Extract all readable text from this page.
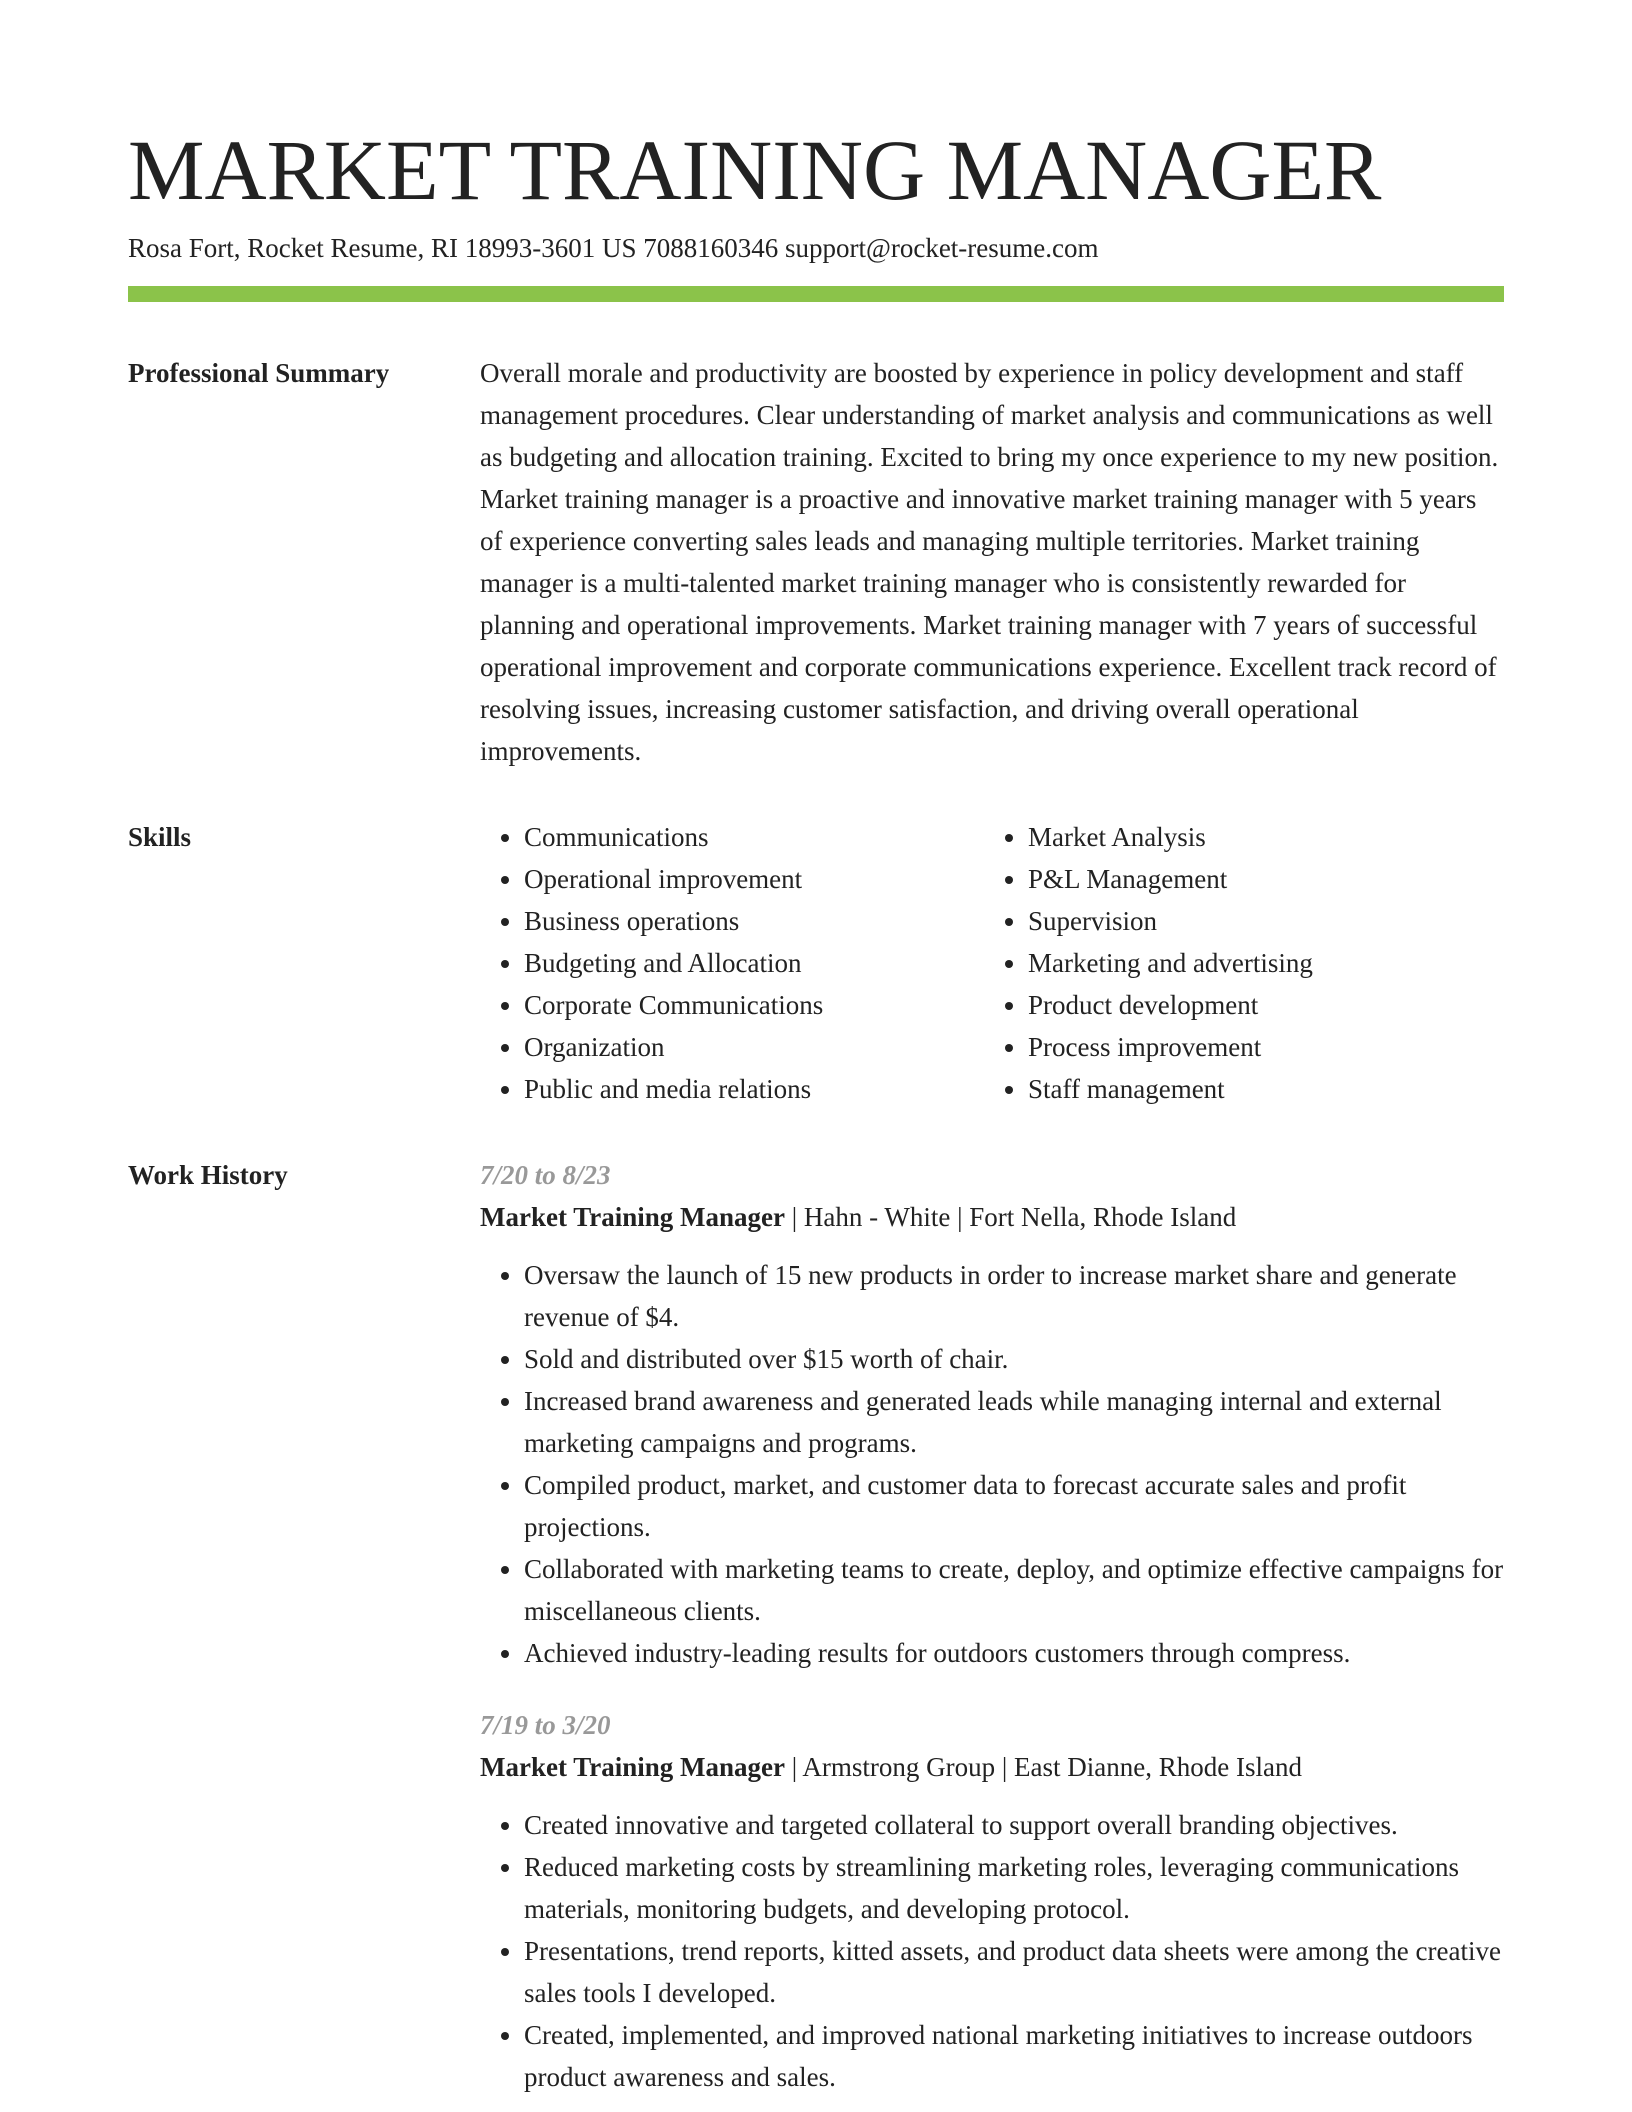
MARKET TRAINING MANAGER
Rosa Fort, Rocket Resume, RI 18993-3601 US 7088160346 support@rocket-resume.com
Professional Summary	Overall morale and productivity are boosted by experience in policy development and staff management procedures. Clear understanding of market analysis and communications as well as budgeting and allocation training. Excited to bring my once experience to my new position. Market training manager is a proactive and innovative market training manager with 5 years of experience converting sales leads and managing multiple territories. Market training manager is a multi-talented market training manager who is consistently rewarded for planning and operational improvements. Market training manager with 7 years of successful operational improvement and corporate communications experience. Excellent track record of resolving issues, increasing customer satisfaction, and driving overall operational improvements.

Skills
•	Communications
• Operational improvement
• Business operations
• Budgeting and Allocation
• Corporate Communications
• Organization
• Public and media relations
• Market Analysis
• P&L Management
• Supervision
• Marketing and advertising
• Product development
• Process improvement
• Staff management
Work History	7/20 to 8/23
Market Training Manager | Hahn - White | Fort Nella, Rhode Island
• Oversaw the launch of 15 new products in order to increase market share and generate revenue of $4.
• Sold and distributed over $15 worth of chair.
• Increased brand awareness and generated leads while managing internal and external marketing campaigns and programs.
• Compiled product, market, and customer data to forecast accurate sales and profit projections.
• Collaborated with marketing teams to create, deploy, and optimize effective campaigns for miscellaneous clients.
• Achieved industry-leading results for outdoors customers through compress.
7/19 to 3/20
Market Training Manager | Armstrong Group | East Dianne, Rhode Island
• Created innovative and targeted collateral to support overall branding objectives.
• Reduced marketing costs by streamlining marketing roles, leveraging communications materials, monitoring budgets, and developing protocol.
• Presentations, trend reports, kitted assets, and product data sheets were among the creative sales tools I developed.
• Created, implemented, and improved national marketing initiatives to increase outdoors product awareness and sales.
